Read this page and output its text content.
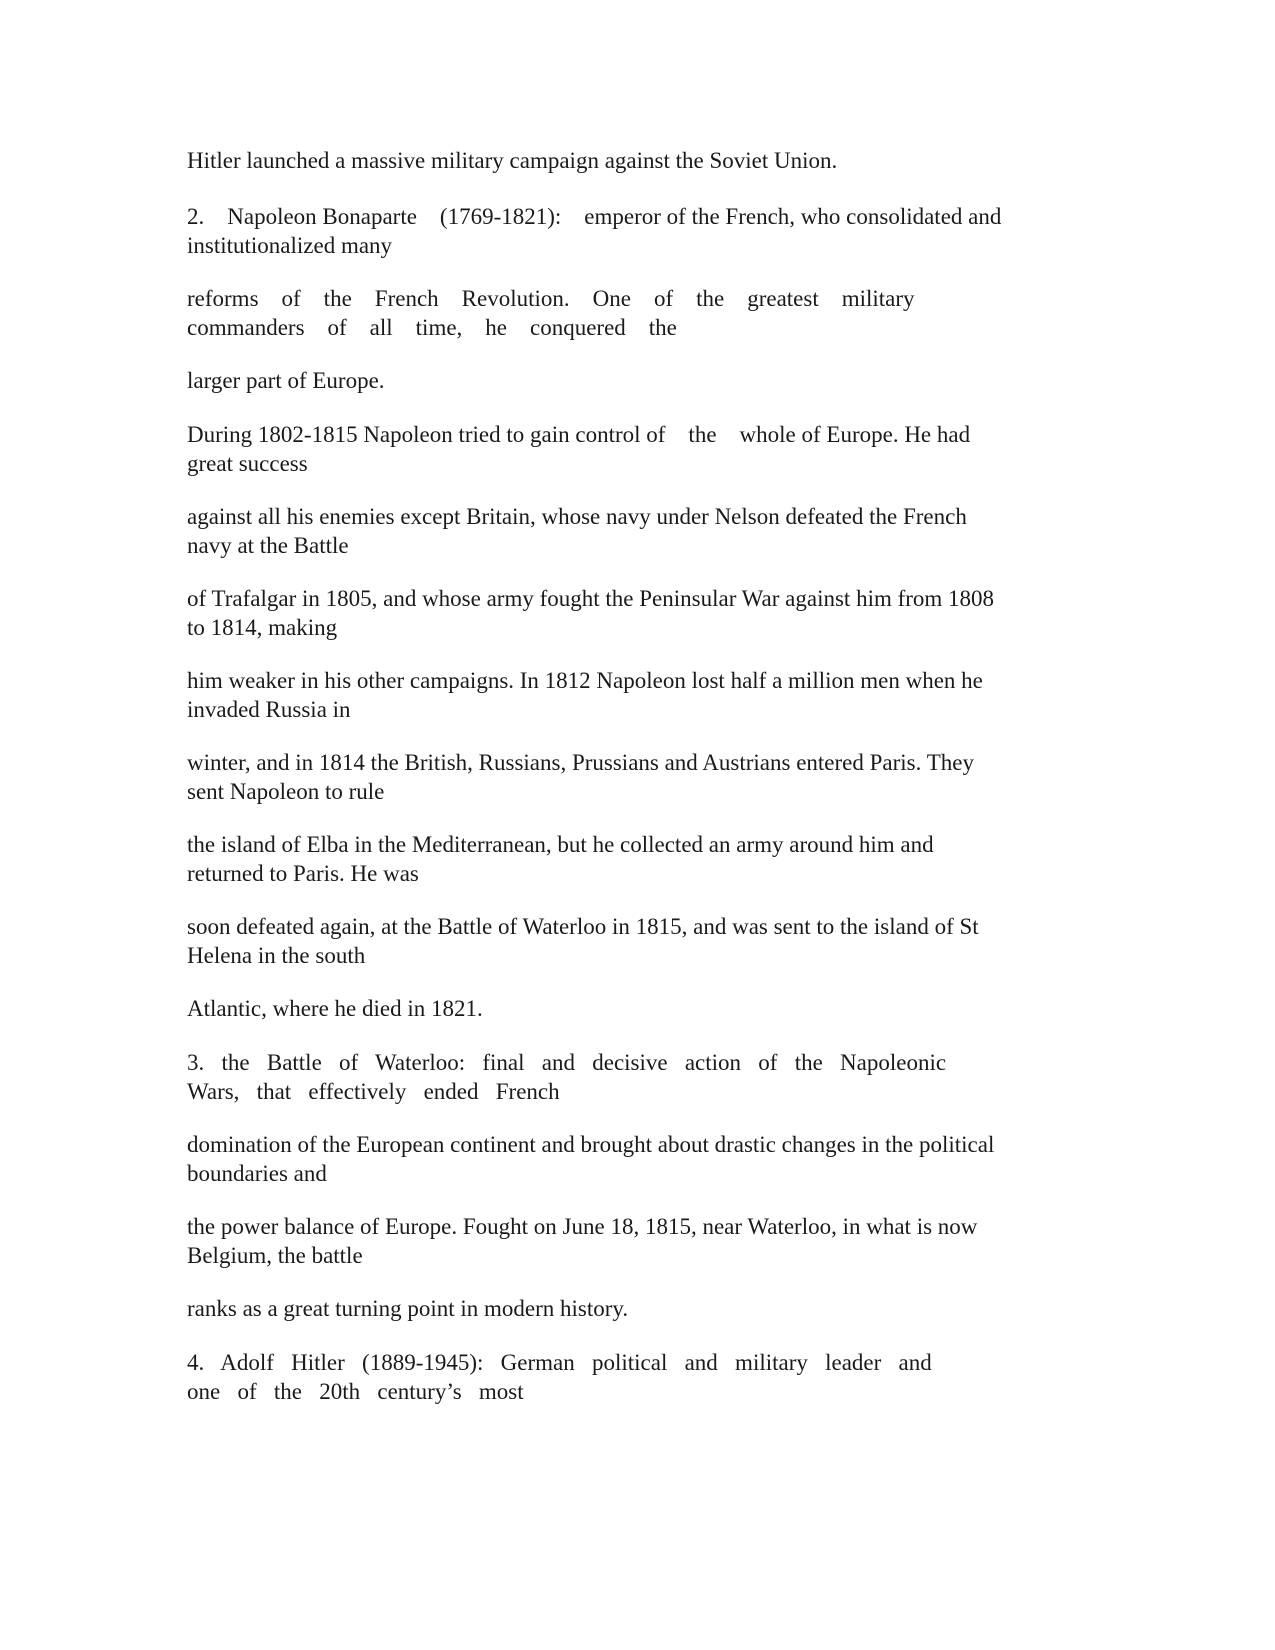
Hitler launched a massive military campaign against the Soviet Union.

2.    Napoleon Bonaparte    (1769-1821):    emperor of the French, who consolidated and
institutionalized many

reforms    of    the    French    Revolution.    One    of    the    greatest    military
commanders    of    all    time,    he    conquered    the

larger part of Europe.

During 1802-1815 Napoleon tried to gain control of    the    whole of Europe. He had
great success

against all his enemies except Britain, whose navy under Nelson defeated the French
navy at the Battle

of Trafalgar in 1805, and whose army fought the Peninsular War against him from 1808
to 1814, making

him weaker in his other campaigns. In 1812 Napoleon lost half a million men when he
invaded Russia in

winter, and in 1814 the British, Russians, Prussians and Austrians entered Paris. They
sent Napoleon to rule

the island of Elba in the Mediterranean, but he collected an army around him and
returned to Paris. He was

soon defeated again, at the Battle of Waterloo in 1815, and was sent to the island of St
Helena in the south

Atlantic, where he died in 1821.

3.   the   Battle   of   Waterloo:   final   and   decisive   action   of   the   Napoleonic
Wars,   that   effectively   ended   French

domination of the European continent and brought about drastic changes in the political
boundaries and

the power balance of Europe. Fought on June 18, 1815, near Waterloo, in what is now
Belgium, the battle

ranks as a great turning point in modern history.

4.   Adolf   Hitler   (1889-1945):   German   political   and   military   leader   and
one   of   the   20th   century’s   most
